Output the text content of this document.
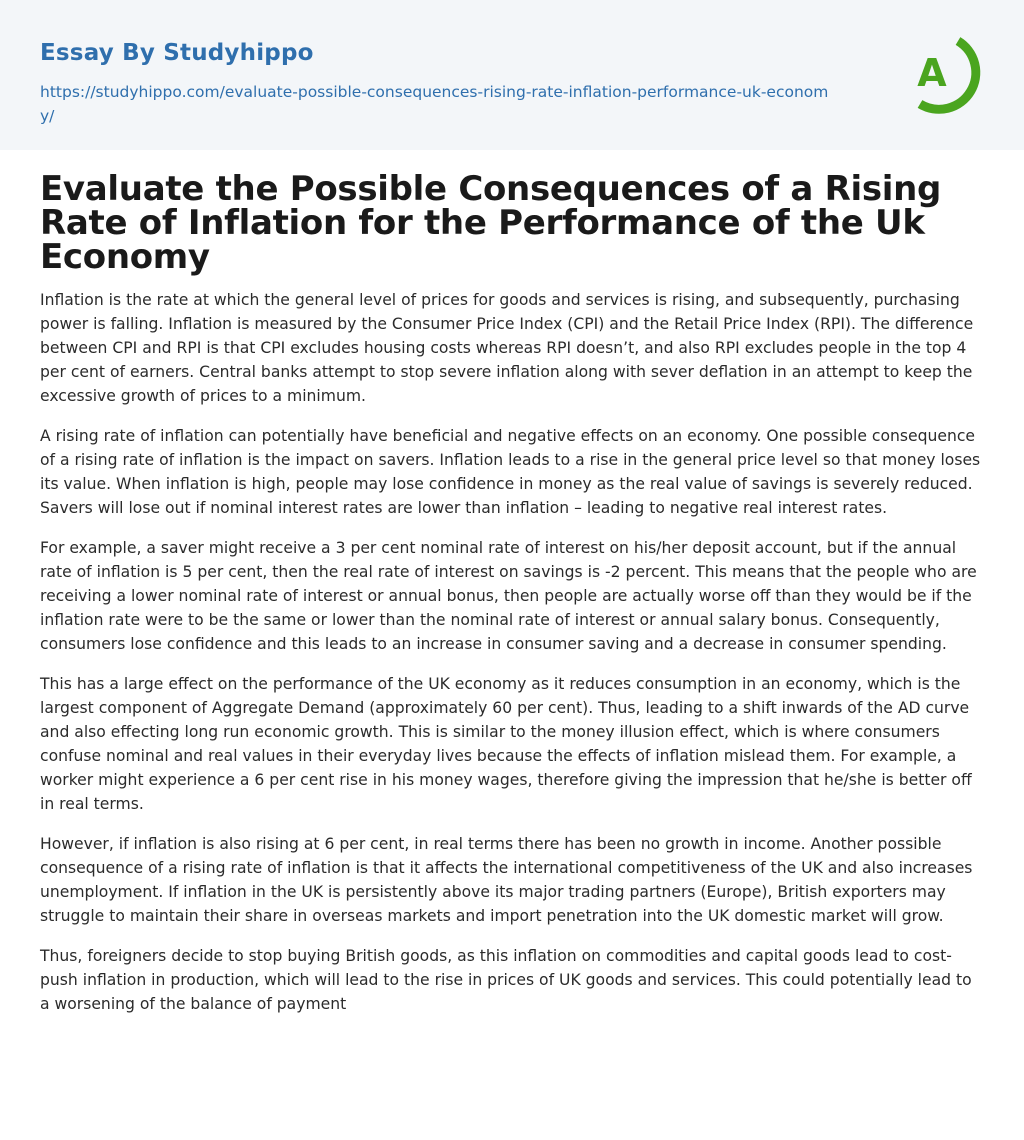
Essay By Studyhippo
https://studyhippo.com/evaluate-possible-consequences-rising-rate-inflation-performance-uk-economy/
A
Evaluate the Possible Consequences of a Rising Rate of Inflation for the Performance of the Uk Economy

Inflation is the rate at which the general level of prices for goods and services is rising, and subsequently, purchasing power is falling. Inflation is measured by the Consumer Price Index (CPI) and the Retail Price Index (RPI). The difference between CPI and RPI is that CPI excludes housing costs whereas RPI doesn’t, and also RPI excludes people in the top 4 per cent of earners. Central banks attempt to stop severe inflation along with sever deflation in an attempt to keep the excessive growth of prices to a minimum.

A rising rate of inflation can potentially have beneficial and negative effects on an economy. One possible consequence of a rising rate of inflation is the impact on savers. Inflation leads to a rise in the general price level so that money loses its value. When inflation is high, people may lose confidence in money as the real value of savings is severely reduced. Savers will lose out if nominal interest rates are lower than inflation – leading to negative real interest rates.

For example, a saver might receive a 3 per cent nominal rate of interest on his/her deposit account, but if the annual rate of inflation is 5 per cent, then the real rate of interest on savings is -2 percent. This means that the people who are receiving a lower nominal rate of interest or annual bonus, then people are actually worse off than they would be if the inflation rate were to be the same or lower than the nominal rate of interest or annual salary bonus. Consequently, consumers lose confidence and this leads to an increase in consumer saving and a decrease in consumer spending.

This has a large effect on the performance of the UK economy as it reduces consumption in an economy, which is the largest component of Aggregate Demand (approximately 60 per cent). Thus, leading to a shift inwards of the AD curve and also effecting long run economic growth. This is similar to the money illusion effect, which is where consumers confuse nominal and real values in their everyday lives because the effects of inflation mislead them. For example, a worker might experience a 6 per cent rise in his money wages, therefore giving the impression that he/she is better off in real terms.

However, if inflation is also rising at 6 per cent, in real terms there has been no growth in income. Another possible consequence of a rising rate of inflation is that it affects the international competitiveness of the UK and also increases unemployment. If inflation in the UK is persistently above its major trading partners (Europe), British exporters may struggle to maintain their share in overseas markets and import penetration into the UK domestic market will grow.

Thus, foreigners decide to stop buying British goods, as this inflation on commodities and capital goods lead to cost-push inflation in production, which will lead to the rise in prices of UK goods and services. This could potentially lead to a worsening of the balance of payment
